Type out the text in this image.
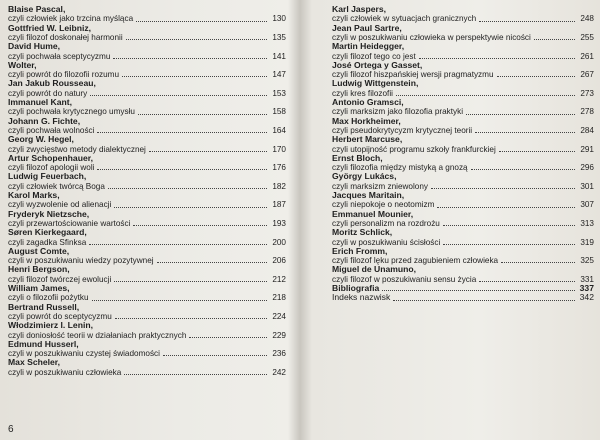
Blaise Pascal,
czyli człowiek jako trzcina myśląca	130
Gottfried W. Leibniz,
czyli filozof doskonałej harmonii	135
David Hume,
czyli pochwała sceptycyzmu	141
Wolter,
czyli powrót do filozofii rozumu	147
Jan Jakub Rousseau,
czyli powrót do natury	153
Immanuel Kant,
czyli pochwała krytycznego umysłu	158
Johann G. Fichte,
czyli pochwała wolności	164
Georg W. Hegel,
czyli zwycięstwo metody dialektycznej	170
Artur Schopenhauer,
czyli filozof apologii woli	176
Ludwig Feuerbach,
czyli człowiek twórcą Boga	182
Karol Marks,
czyli wyzwolenie od alienacji	187
Fryderyk Nietzsche,
czyli przewartościowanie wartości	193
Søren Kierkegaard,
czyli zagadka Sfinksa	200
August Comte,
czyli w poszukiwaniu wiedzy pozytywnej	206
Henri Bergson,
czyli filozof twórczej ewolucji	212
William James,
czyli o filozofii pożytku	218
Bertrand Russell,
czyli powrót do sceptycyzmu	224
Włodzimierz I. Lenin,
czyli doniosłość teorii w działaniach praktycznych	229
Edmund Husserl,
czyli w poszukiwaniu czystej świadomości	236
Max Scheler,
czyli w poszukiwaniu człowieka	242
6
Karl Jaspers,
czyli człowiek w sytuacjach granicznych	248
Jean Paul Sartre,
czyli w poszukiwaniu człowieka w perspektywie nicości	255
Martin Heidegger,
czyli filozof tego co jest	261
José Ortega y Gasset,
czyli filozof hiszpańskiej wersji pragmatyzmu	267
Ludwig Wittgenstein,
czyli kres filozofii	273
Antonio Gramsci,
czyli marksizm jako filozofia praktyki	278
Max Horkheimer,
czyli pseudokrytycyzm krytycznej teorii	284
Herbert Marcuse,
czyli utopijność programu szkoły frankfurckiej	291
Ernst Bloch,
czyli filozofia między mistyką a gnozą	296
György Lukács,
czyli marksizm zniewolony	301
Jacques Maritain,
czyli niepokoje o neotomizm	307
Emmanuel Mounier,
czyli personalizm na rozdrożu	313
Moritz Schlick,
czyli w poszukiwaniu ścisłości	319
Erich Fromm,
czyli filozof lęku przed zagubieniem człowieka	325
Miguel de Unamuno,
czyli filozof w poszukiwaniu sensu życia	331
Bibliografia	337
Indeks nazwisk	342
